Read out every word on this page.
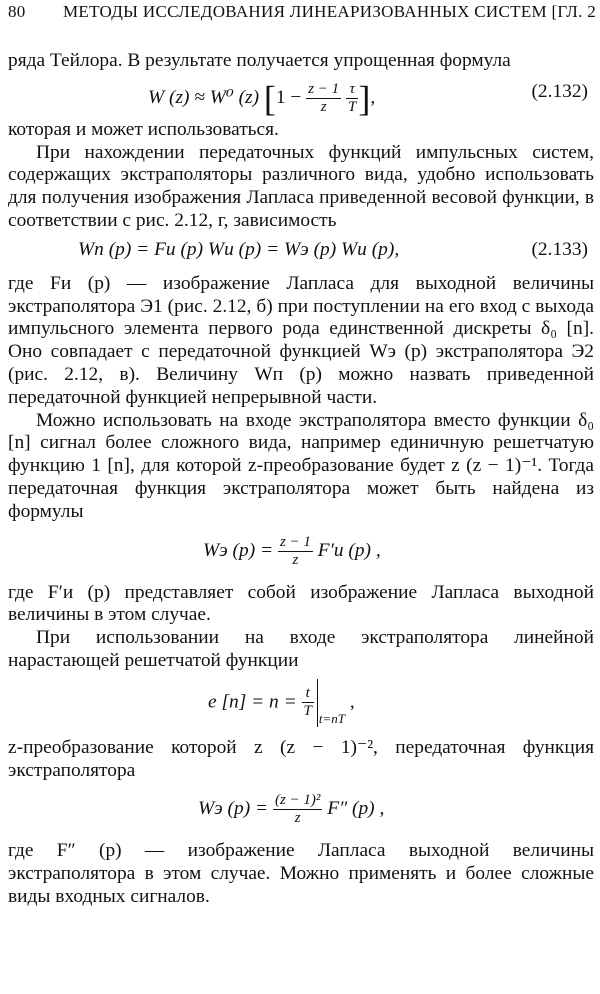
80 МЕТОДЫ ИССЛЕДОВАНИЯ ЛИНЕАРИЗОВАННЫХ СИСТЕМ [ГЛ. 2

ряда Тейлора. В результате получается упрощенная формула

W (z) ≈ W⁰ (z) [$1 - \frac{z - 1}{z}$
$\frac{\tau}{T}$ ],	(2.132)

которая и может использоваться.

При нахождении передаточных функций импульсных систем, содержащих экстраполяторы различного вида, удобно использовать для получения изображения Лапласа приведенной весовой функции, в соответствии с рис. 2.12, г, зависимость

Wп (p) = Fи (p) Wи (p) = Wэ (p) Wи (p),	(2.133)

где Fи (p) — изображение Лапласа для выходной величины экстраполятора Э1 (рис. 2.12, б) при поступлении на его вход с выхода импульсного элемента первого рода единственной дискреты δ₀ [n]. Оно совпадает с передаточной функцией Wэ (p) экстраполятора Э2 (рис. 2.12, в). Величину Wп (p) можно назвать приведенной передаточной функцией непрерывной части.

Можно использовать на входе экстраполятора вместо функции δ₀ [n] сигнал более сложного вида, например единичную решетчатую функцию 1 [n], для которой z-преобразование будет z (z − 1)⁻¹. Тогда передаточная функция экстраполятора может быть найдена из формулы

Wэ $(p) = \frac{z - 1}{z} F'и$ (p) ,

где F′и (p) представляет собой изображение Лапласа выходной величины в этом случае.

При использовании на входе экстраполятора линейной нарастающей решетчатой функции

e $[n] = n = \frac{t}{T} _{t=nT}$ ,

z-преобразование которой z (z − 1)⁻², передаточная функция экстраполятора

Wэ $(p) = \frac{\text{(z − 1)²}}{z} F''$ (p) ,

где F″ (p) — изображение Лапласа выходной величины экстраполятора в этом случае. Можно применять и более сложные виды входных сигналов.
